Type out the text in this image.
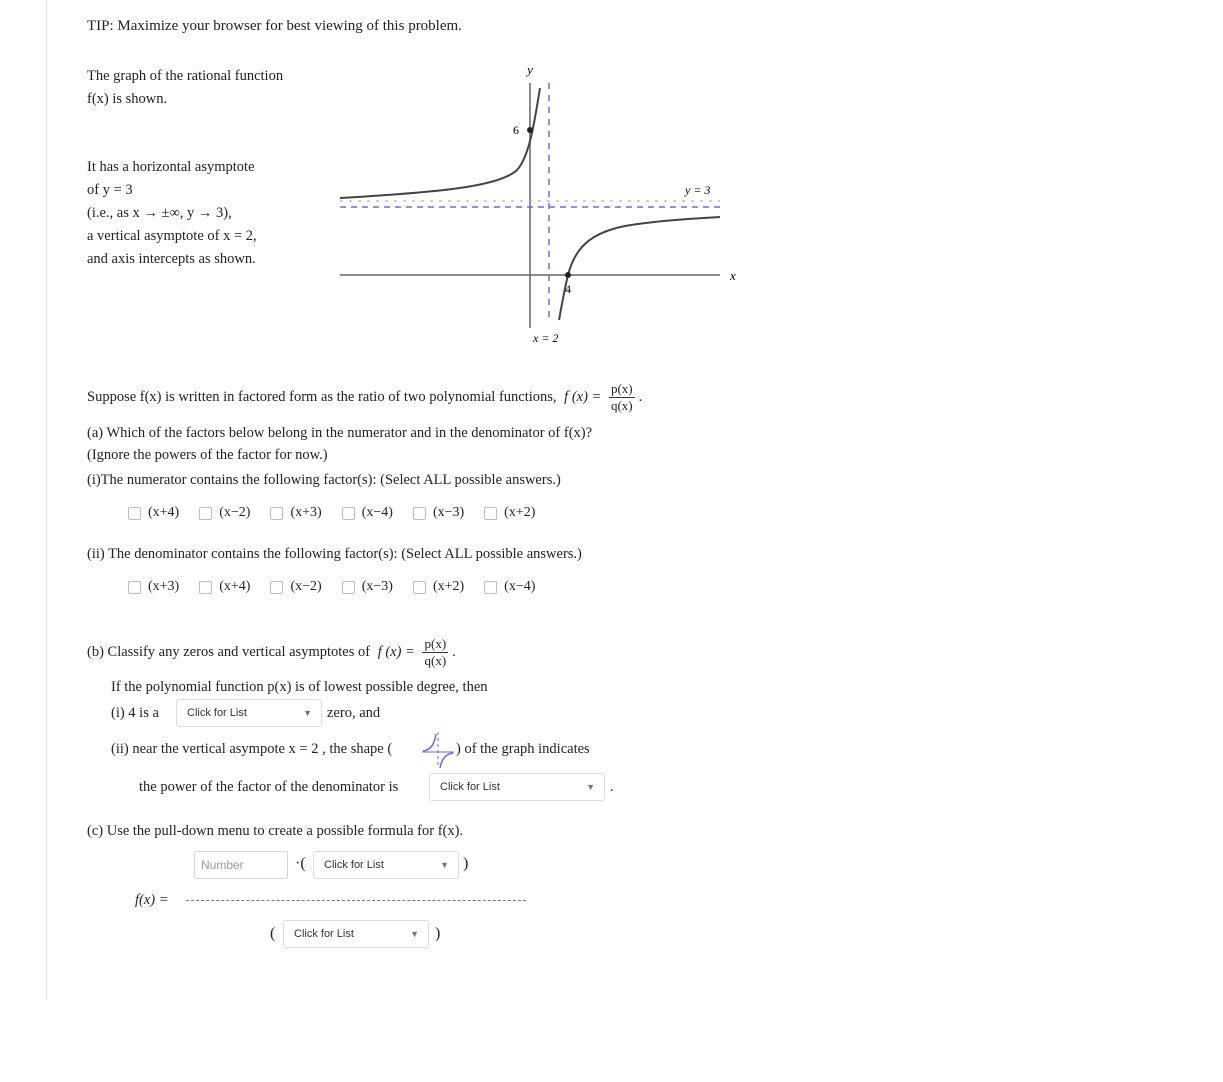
TIP: Maximize your browser for best viewing of this problem.
The graph of the rational function
f(x) is shown.
It has a horizontal asymptote
of y = 3
(i.e., as x → ±∞, y → 3),
a vertical asymptote of x = 2,
and axis intercepts as shown.
y
x
6
4
y = 3
x = 2
Suppose f(x) is written in factored form as the ratio of two polynomial functions, f $(x) = \frac{p(x)}{q(x)}$ .
(a) Which of the factors below belong in the numerator and in the denominator of f(x)?
(Ignore the powers of the factor for now.)
(i)The numerator contains the following factor(s): (Select ALL possible answers.)
(x+4)	(x−2)	(x+3)	(x−4)	(x−3)	(x+2)
(ii) The denominator contains the following factor(s): (Select ALL possible answers.)
(x+3)	(x+4)	(x−2)	(x−3)	(x+2)	(x−4)
(b) Classify any zeros and vertical asymptotes of f $(x) = \frac{p(x)}{q(x)}$ .
If the polynomial function p(x) is of lowest possible degree, then
(i) 4 is a	Click for List	▼ zero, and
(ii) near the vertical asympote x = 2 , the shape (	) of the graph indicates
the power of the factor of the denominator is	Click for List	▼ .
(c) Use the pull-down menu to create a possible formula for f(x).
Number	·( Click for List	▼ )
f(x) =
( Click for List	▼ )
